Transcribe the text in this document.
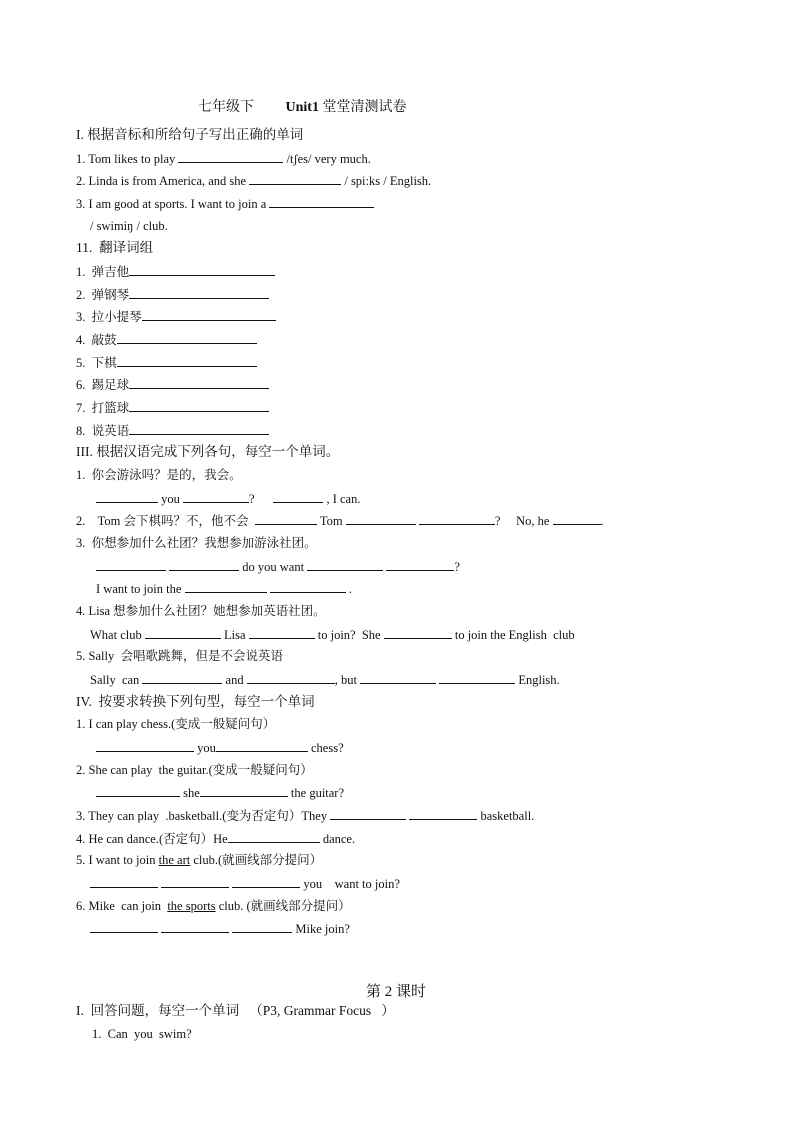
七年级下 Unit1 堂堂清测试卷
I. 根据音标和所给句子写出正确的单词
1. Tom likes to play	/tʃes/ very much.
2. Linda is from America, and she	/ spi:ks / English.
3. I am good at sports. I want to join a
/ swimiŋ / club.
11.  翻译词组
1.  弹吉他
2.  弹钢琴
3.  拉小提琴
4.  敲鼓
5.  下棋
6.  踢足球
7.  打篮球
8.  说英语
III. 根据汉语完成下列各句，每空一个单词。
1.  你会游泳吗？是的，我会。
you	?	, I can.
2.    Tom 会下棋吗？不，他不会	Tom	? No, he	.
3.  你想参加什么社团？我想参加游泳社团。
do you want	?
I want to join the	.
4. Lisa 想参加什么社团？她想参加英语社团。
What club	Lisa	to join?  She	to join the English  club
5. Sally  会唱歌跳舞，但是不会说英语
Sally  can	and	, but	English.
IV.  按要求转换下列句型，每空一个单词
1. I can play chess.(变成一般疑问句）
you	chess?
2. She can play  the guitar.(变成一般疑问句）
she	the guitar?
3. They can play  .basketball.(变为否定句）They	basketball.
4. He can dance.(否定句）He	dance.
5. I want to join the art club.(就画线部分提问）
you want to join?
6. Mike  can join  the sports club. (就画线部分提问）
Mike join?
第 2 课时
I.  回答问题，每空一个单词   （P3, Grammar Focus   ）
1.  Can  you  swim?
